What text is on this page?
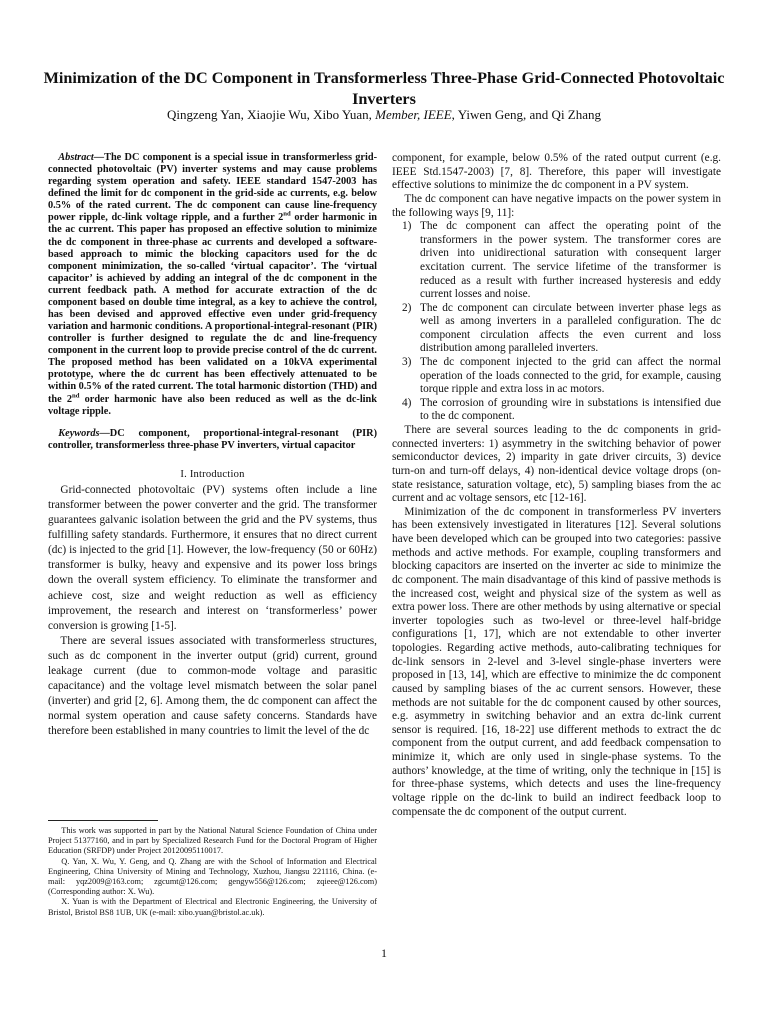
Minimization of the DC Component in Transformerless Three-Phase Grid-Connected Photovoltaic Inverters
Qingzeng Yan, Xiaojie Wu, Xibo Yuan, Member, IEEE, Yiwen Geng, and Qi Zhang

Abstract—The DC component is a special issue in transformerless grid-connected photovoltaic (PV) inverter systems and may cause problems regarding system operation and safety. IEEE standard 1547-2003 has defined the limit for dc component in the grid-side ac currents, e.g. below 0.5% of the rated current. The dc component can cause line-frequency power ripple, dc-link voltage ripple, and a further 2nd order harmonic in the ac current. This paper has proposed an effective solution to minimize the dc component in three-phase ac currents and developed a software-based approach to mimic the blocking capacitors used for the dc component minimization, the so-called ‘virtual capacitor’. The ‘virtual capacitor’ is achieved by adding an integral of the dc component in the current feedback path. A method for accurate extraction of the dc component based on double time integral, as a key to achieve the control, has been devised and approved effective even under grid-frequency variation and harmonic conditions. A proportional-integral-resonant (PIR) controller is further designed to regulate the dc and line-frequency component in the current loop to provide precise control of the dc current. The proposed method has been validated on a 10kVA experimental prototype, where the dc current has been effectively attenuated to be within 0.5% of the rated current. The total harmonic distortion (THD) and the 2nd order harmonic have also been reduced as well as the dc-link voltage ripple.

Keywords—DC component, proportional-integral-resonant (PIR) controller, transformerless three-phase PV inverters, virtual capacitor

I. Introduction

Grid-connected photovoltaic (PV) systems often include a line transformer between the power converter and the grid. The transformer guarantees galvanic isolation between the grid and the PV systems, thus fulfilling safety standards. Furthermore, it ensures that no direct current (dc) is injected to the grid [1]. However, the low-frequency (50 or 60Hz) transformer is bulky, heavy and expensive and its power loss brings down the overall system efficiency. To eliminate the transformer and achieve cost, size and weight reduction as well as efficiency improvement, the research and interest on ‘transformerless’ power conversion is growing [1-5].

There are several issues associated with transformerless structures, such as dc component in the inverter output (grid) current, ground leakage current (due to common-mode voltage and parasitic capacitance) and the voltage level mismatch between the solar panel (inverter) and grid [2, 6]. Among them, the dc component can affect the normal system operation and cause safety concerns. Standards have therefore been established in many countries to limit the level of the dc

This work was supported in part by the National Natural Science Foundation of China under Project 51377160, and in part by Specialized Research Fund for the Doctoral Program of Higher Education (SRFDP) under Project 20120095110017.

Q. Yan, X. Wu, Y. Geng, and Q. Zhang are with the School of Information and Electrical Engineering, China University of Mining and Technology, Xuzhou, Jiangsu 221116, China. (e-mail: yqz2009@163.com; zgcumt@126.com; gengyw556@126.com; zqieee@126.com) (Corresponding author: X. Wu).

X. Yuan is with the Department of Electrical and Electronic Engineering, the University of Bristol, Bristol BS8 1UB, UK (e-mail: xibo.yuan@bristol.ac.uk).

component, for example, below 0.5% of the rated output current (e.g. IEEE Std.1547-2003) [7, 8]. Therefore, this paper will investigate effective solutions to minimize the dc component in a PV system.

The dc component can have negative impacts on the power system in the following ways [9, 11]:

1) The dc component can affect the operating point of the transformers in the power system. The transformer cores are driven into unidirectional saturation with consequent larger excitation current. The service lifetime of the transformer is reduced as a result with further increased hysteresis and eddy current losses and noise.
2) The dc component can circulate between inverter phase legs as well as among inverters in a paralleled configuration. The dc component circulation affects the even current and loss distribution among paralleled inverters.
3) The dc component injected to the grid can affect the normal operation of the loads connected to the grid, for example, causing torque ripple and extra loss in ac motors.
4) The corrosion of grounding wire in substations is intensified due to the dc component.

There are several sources leading to the dc components in grid-connected inverters: 1) asymmetry in the switching behavior of power semiconductor devices, 2) imparity in gate driver circuits, 3) device turn-on and turn-off delays, 4) non-identical device voltage drops (on-state resistance, saturation voltage, etc), 5) sampling biases from the ac current and ac voltage sensors, etc [12-16].

Minimization of the dc component in transformerless PV inverters has been extensively investigated in literatures [12]. Several solutions have been developed which can be grouped into two categories: passive methods and active methods. For example, coupling transformers and blocking capacitors are inserted on the inverter ac side to minimize the dc component. The main disadvantage of this kind of passive methods is the increased cost, weight and physical size of the system as well as extra power loss. There are other methods by using alternative or special inverter topologies such as two-level or three-level half-bridge configurations [1, 17], which are not extendable to other inverter topologies. Regarding active methods, auto-calibrating techniques for dc-link sensors in 2-level and 3-level single-phase inverters were proposed in [13, 14], which are effective to minimize the dc component caused by sampling biases of the ac current sensors. However, these methods are not suitable for the dc component caused by other sources, e.g. asymmetry in switching behavior and an extra dc-link current sensor is required. [16, 18-22] use different methods to extract the dc component from the output current, and add feedback compensation to minimize it, which are only used in single-phase systems. To the authors’ knowledge, at the time of writing, only the technique in [15] is for three-phase systems, which detects and uses the line-frequency voltage ripple on the dc-link to build an indirect feedback loop to compensate the dc component of the output current.

1
